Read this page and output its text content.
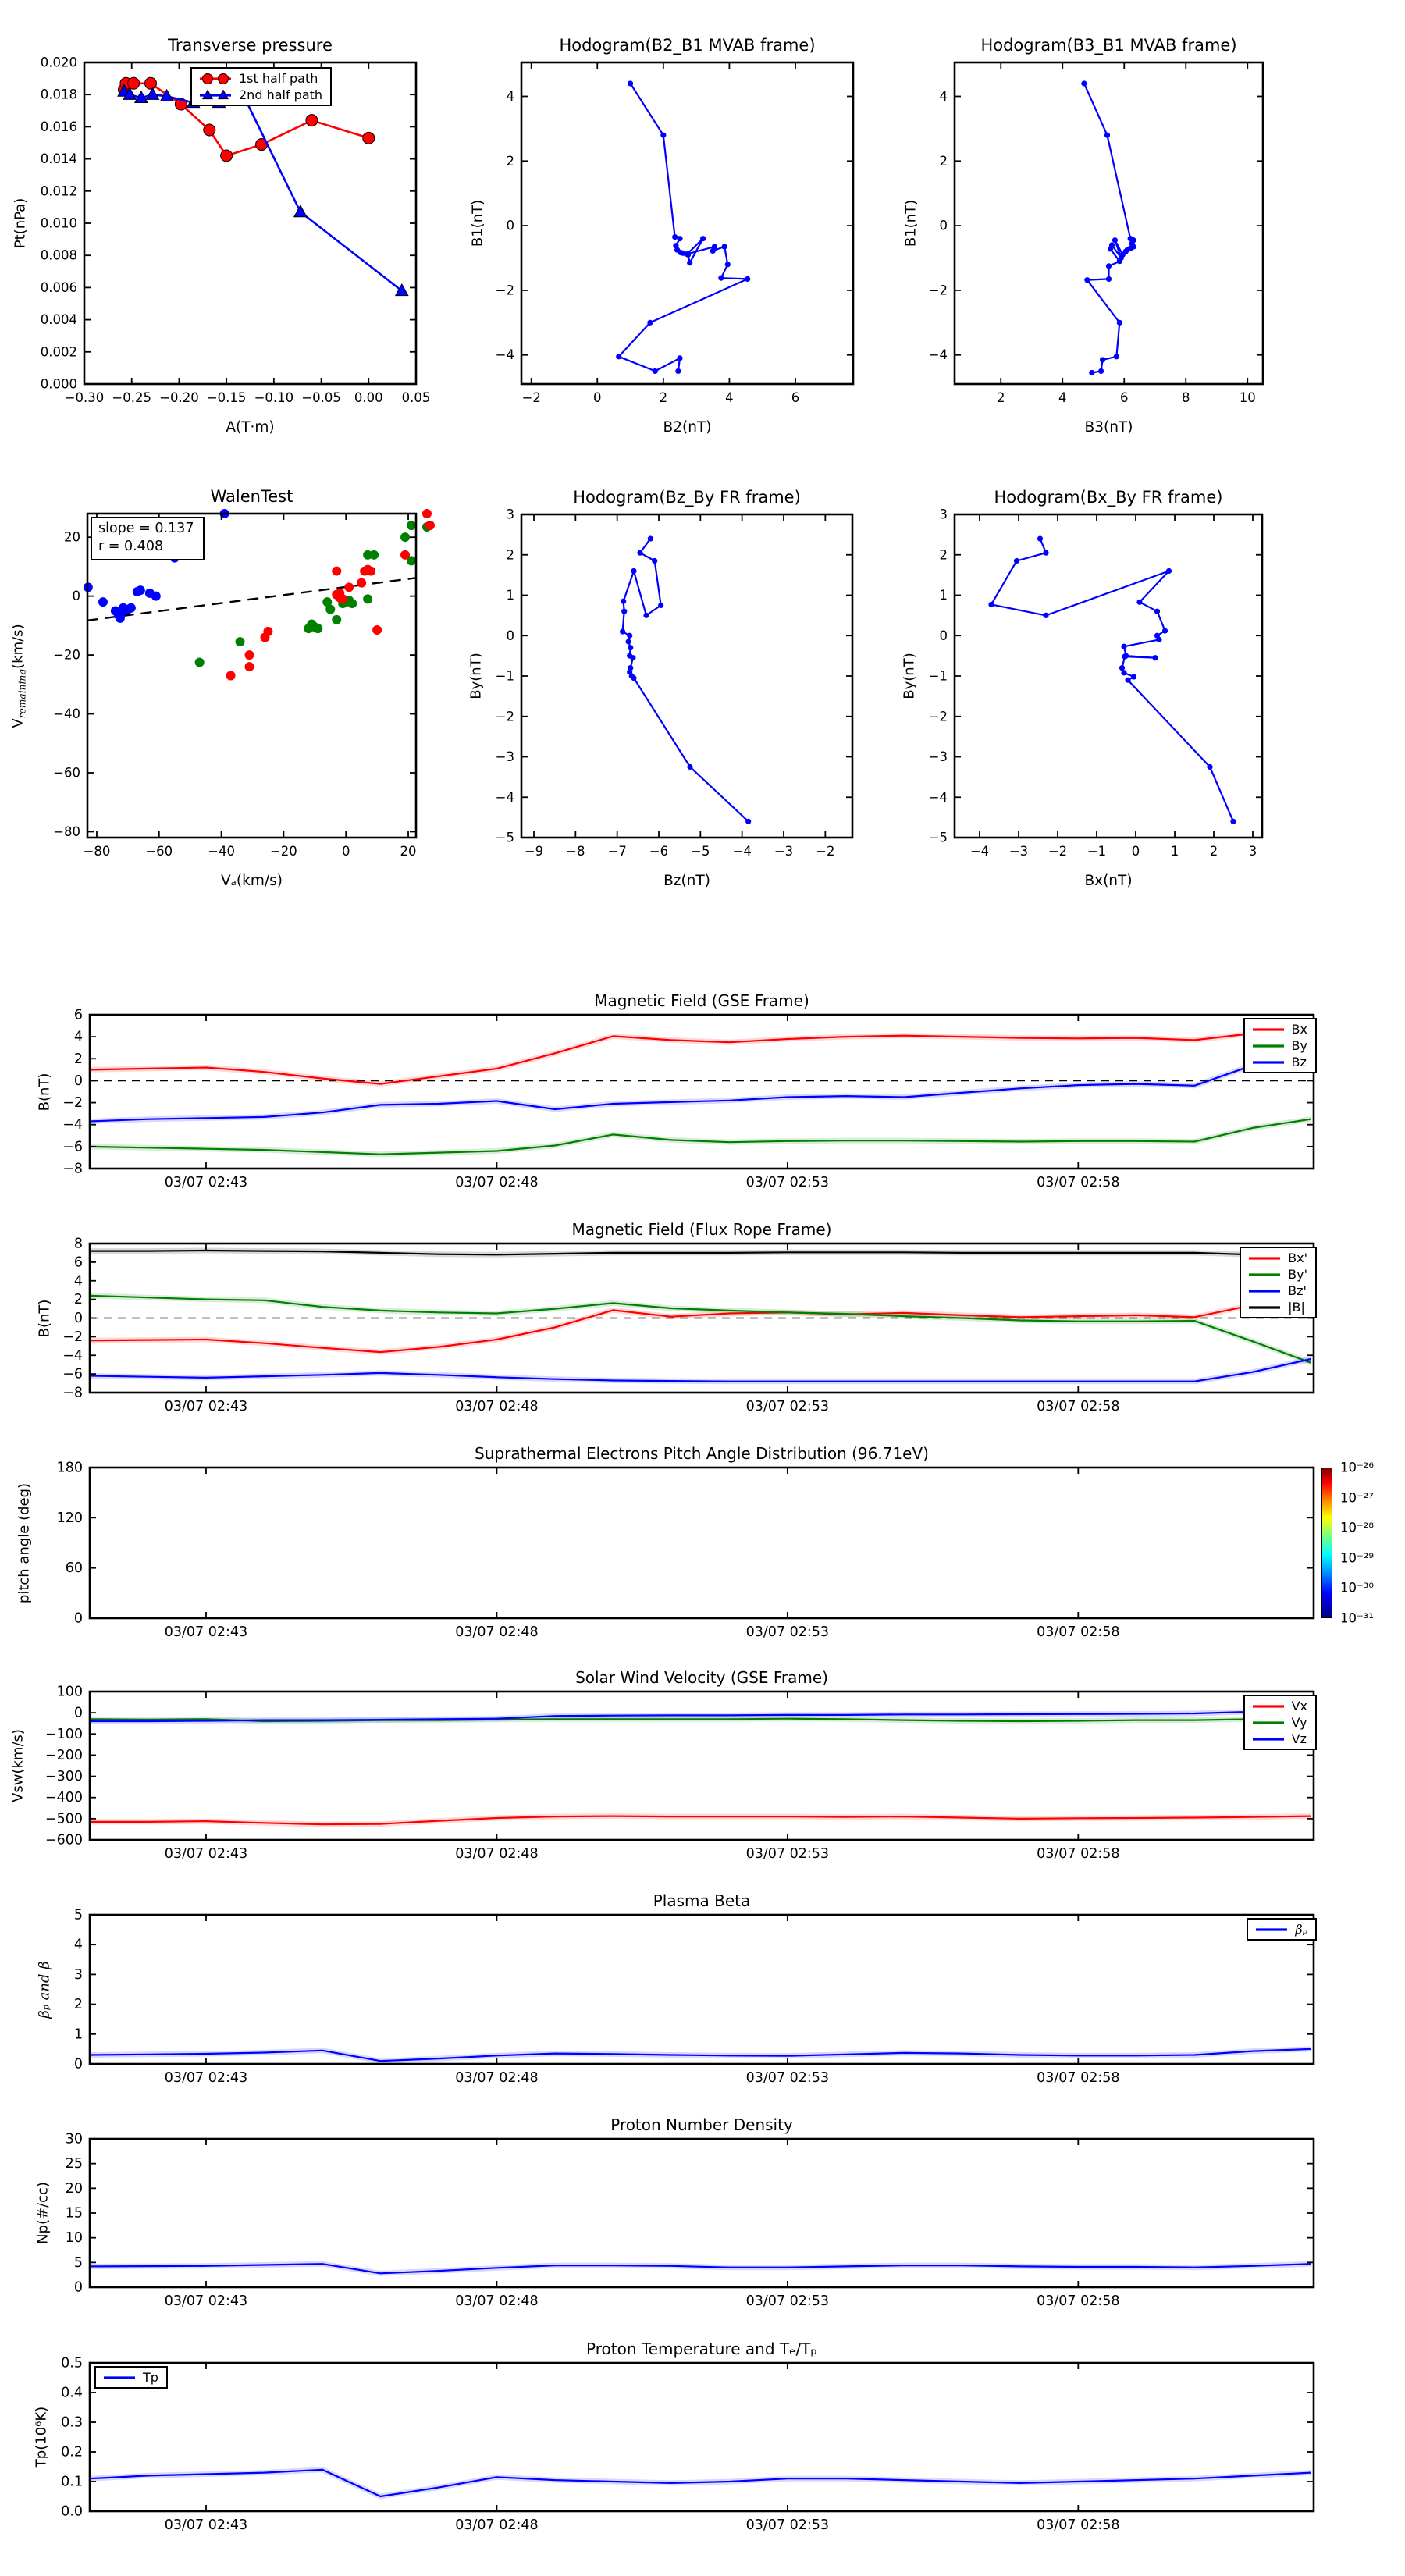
Transverse pressure
Pt(nPa)
A(T·m)
−0.30 −0.25 −0.20 −0.15 −0.10 −0.05 0.00 0.05
0.000
0.002
0.004
0.006
0.008
0.010
0.012
0.014
0.016
0.018
0.020
1st half path
2nd half path
Hodogram(B2_B1 MVAB frame)
B1(nT)
B2(nT)
−2	0	2	4	6
−4
−2
0
2
4
Hodogram(B3_B1 MVAB frame)
B1(nT)
B3(nT)
2	4	6	8	10
−4
−2
0
2
4
WalenTest
$V_{remaining}(km/s)$
Vₐ(km/s)
−80	−60	−40	−20	0	20
−80
−60
−40
−20
0
20
slope = 0.137
r = 0.408
Hodogram(Bz_By FR frame)
By(nT)
Bz(nT)
−9 −8 −7 −6 −5 −4 −3 −2
3
2
1
0
−1
−2
−3
−4
−5
Hodogram(Bx_By FR frame)
By(nT)
Bx(nT)
−4 −3 −2 −1 0 1 2 3
3
2
1
0
−1
−2
−3
−4
−5
Magnetic Field (GSE Frame)
B(nT)
03/07 02:43	03/07 02:48	03/07 02:53	03/07 02:58
6
4
2
0
−2
−4
−6
−8
Bx
By
Bz
Magnetic Field (Flux Rope Frame)
B(nT)
03/07 02:43	03/07 02:48	03/07 02:53	03/07 02:58
8
6
4
2
0
−2
−4
−6
−8
Bx'
By'
Bz'
|B|
Suprathermal Electrons Pitch Angle Distribution (96.71eV)
pitch angle (deg)
03/07 02:43	03/07 02:48	03/07 02:53	03/07 02:58
0
60
120
180	10⁻²⁶
10⁻²⁷
10⁻²⁸
10⁻²⁹
10⁻³⁰
10⁻³¹
Solar Wind Velocity (GSE Frame)
Vsw(km/s)
03/07 02:43	03/07 02:48	03/07 02:53	03/07 02:58
100
0
−100
−200
−300
−400
−500
−600
Vx
Vy
Vz
Plasma Beta
βₚ and β
03/07 02:43	03/07 02:48	03/07 02:53	03/07 02:58
0
1
2
3
4
5
βₚ
Proton Number Density
Np(#/cc)
03/07 02:43	03/07 02:48	03/07 02:53	03/07 02:58
0
5
10
15
20
25
30
Proton Temperature and Tₑ/Tₚ
Tp(10⁶K)
03/07 02:43	03/07 02:48	03/07 02:53	03/07 02:58
0.0
0.1
0.2
0.3
0.4
0.5
Tp
